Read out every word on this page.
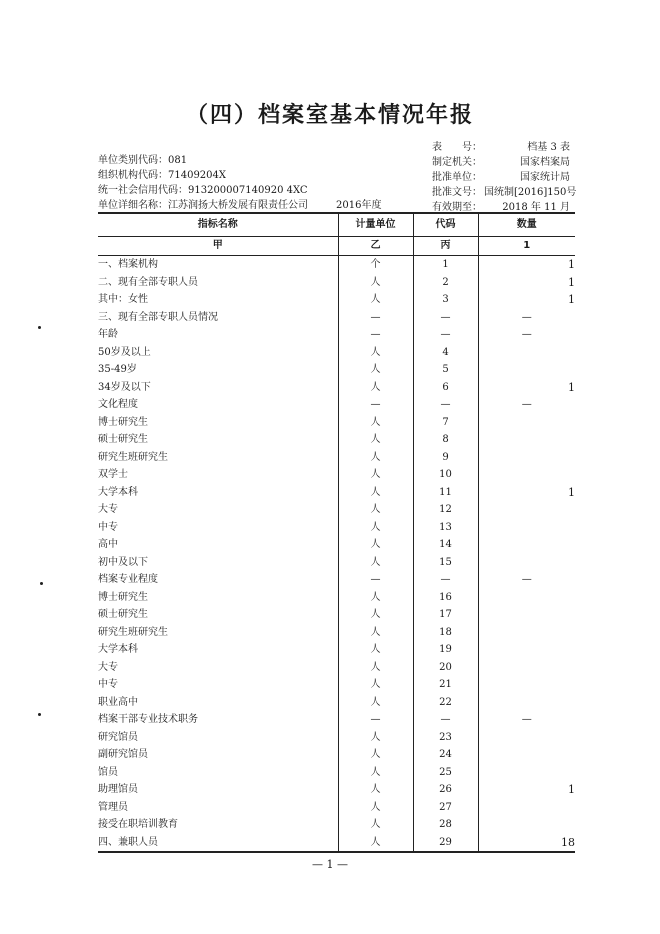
（四）档案室基本情况年报
单位类别代码：081
组织机构代码：71409204X
统一社会信用代码：913200007140920 4XC
单位详细名称：江苏润扬大桥发展有限责任公司	2016年度
表　　号：	档基 3 表
制定机关：	国家档案局
批准单位：	国家统计局
批准文号： 国统制[2016]150号
有效期至： 2018 年 11 月
指标名称	计量单位	代码	数量
甲	乙	丙	1
一、档案机构	个	1	1
二、现有全部专职人员	人	2	1
其中：女性	人	3	1
三、现有全部专职人员情况	—	—	—
年龄	—	—	—
50岁及以上	人	4	
35-49岁	人	5	
34岁及以下	人	6	1
文化程度	—	—	—
博士研究生	人	7	
硕士研究生	人	8	
研究生班研究生	人	9	
双学士	人	10	
大学本科	人	11	1
大专	人	12	
中专	人	13	
高中	人	14	
初中及以下	人	15	
档案专业程度	—	—	—
博士研究生	人	16	
硕士研究生	人	17	
研究生班研究生	人	18	
大学本科	人	19	
大专	人	20	
中专	人	21	
职业高中	人	22	
档案干部专业技术职务	—	—	—
研究馆员	人	23	
副研究馆员	人	24	
馆员	人	25	
助理馆员	人	26	1
管理员	人	27	
接受在职培训教育	人	28	
四、兼职人员	人	29	18
— 1 —
